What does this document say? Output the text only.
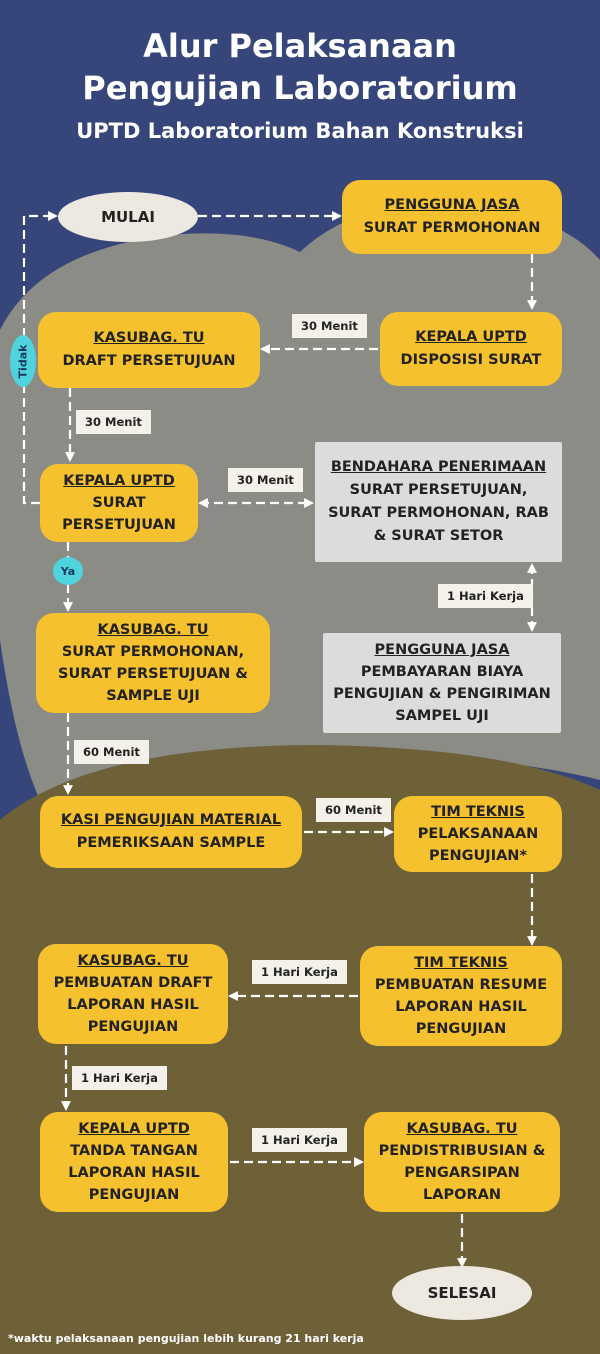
Alur Pelaksanaan
Pengujian Laboratorium
UPTD Laboratorium Bahan Konstruksi
MULAI
PENGGUNA JASA
SURAT PERMOHONAN
KEPALA UPTD
DISPOSISI SURAT
KASUBAG. TU
DRAFT PERSETUJUAN
KEPALA UPTD
SURAT
PERSETUJUAN
BENDAHARA PENERIMAAN
SURAT PERSETUJUAN,
SURAT PERMOHONAN, RAB
& SURAT SETOR
PENGGUNA JASA
PEMBAYARAN BIAYA
PENGUJIAN & PENGIRIMAN
SAMPEL UJI
KASUBAG. TU
SURAT PERMOHONAN,
SURAT PERSETUJUAN &
SAMPLE UJI
KASI PENGUJIAN MATERIAL
PEMERIKSAAN SAMPLE
TIM TEKNIS
PELAKSANAAN
PENGUJIAN*
TIM TEKNIS
PEMBUATAN RESUME
LAPORAN HASIL
PENGUJIAN
KASUBAG. TU
PEMBUATAN DRAFT
LAPORAN HASIL
PENGUJIAN
KEPALA UPTD
TANDA TANGAN
LAPORAN HASIL
PENGUJIAN
KASUBAG. TU
PENDISTRIBUSIAN &
PENGARSIPAN
LAPORAN
SELESAI
30 Menit
30 Menit
30 Menit
1 Hari Kerja
60 Menit
60 Menit
1 Hari Kerja
1 Hari Kerja
1 Hari Kerja
Tidak
Ya
*waktu pelaksanaan pengujian lebih kurang 21 hari kerja
